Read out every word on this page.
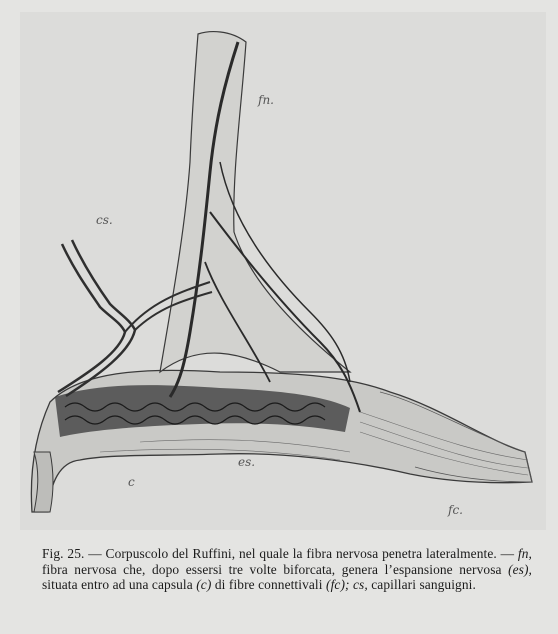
fn.
cs.
es.
c
fc.

Fig. 25. — Corpuscolo del Ruffini, nel quale la fibra nervosa penetra lateralmente. — fn, fibra nervosa che, dopo essersi tre volte biforcata, genera l’espansione nervosa (es), situata entro ad una capsula (c) di fibre connettivali (fc); cs, capillari sanguigni.
